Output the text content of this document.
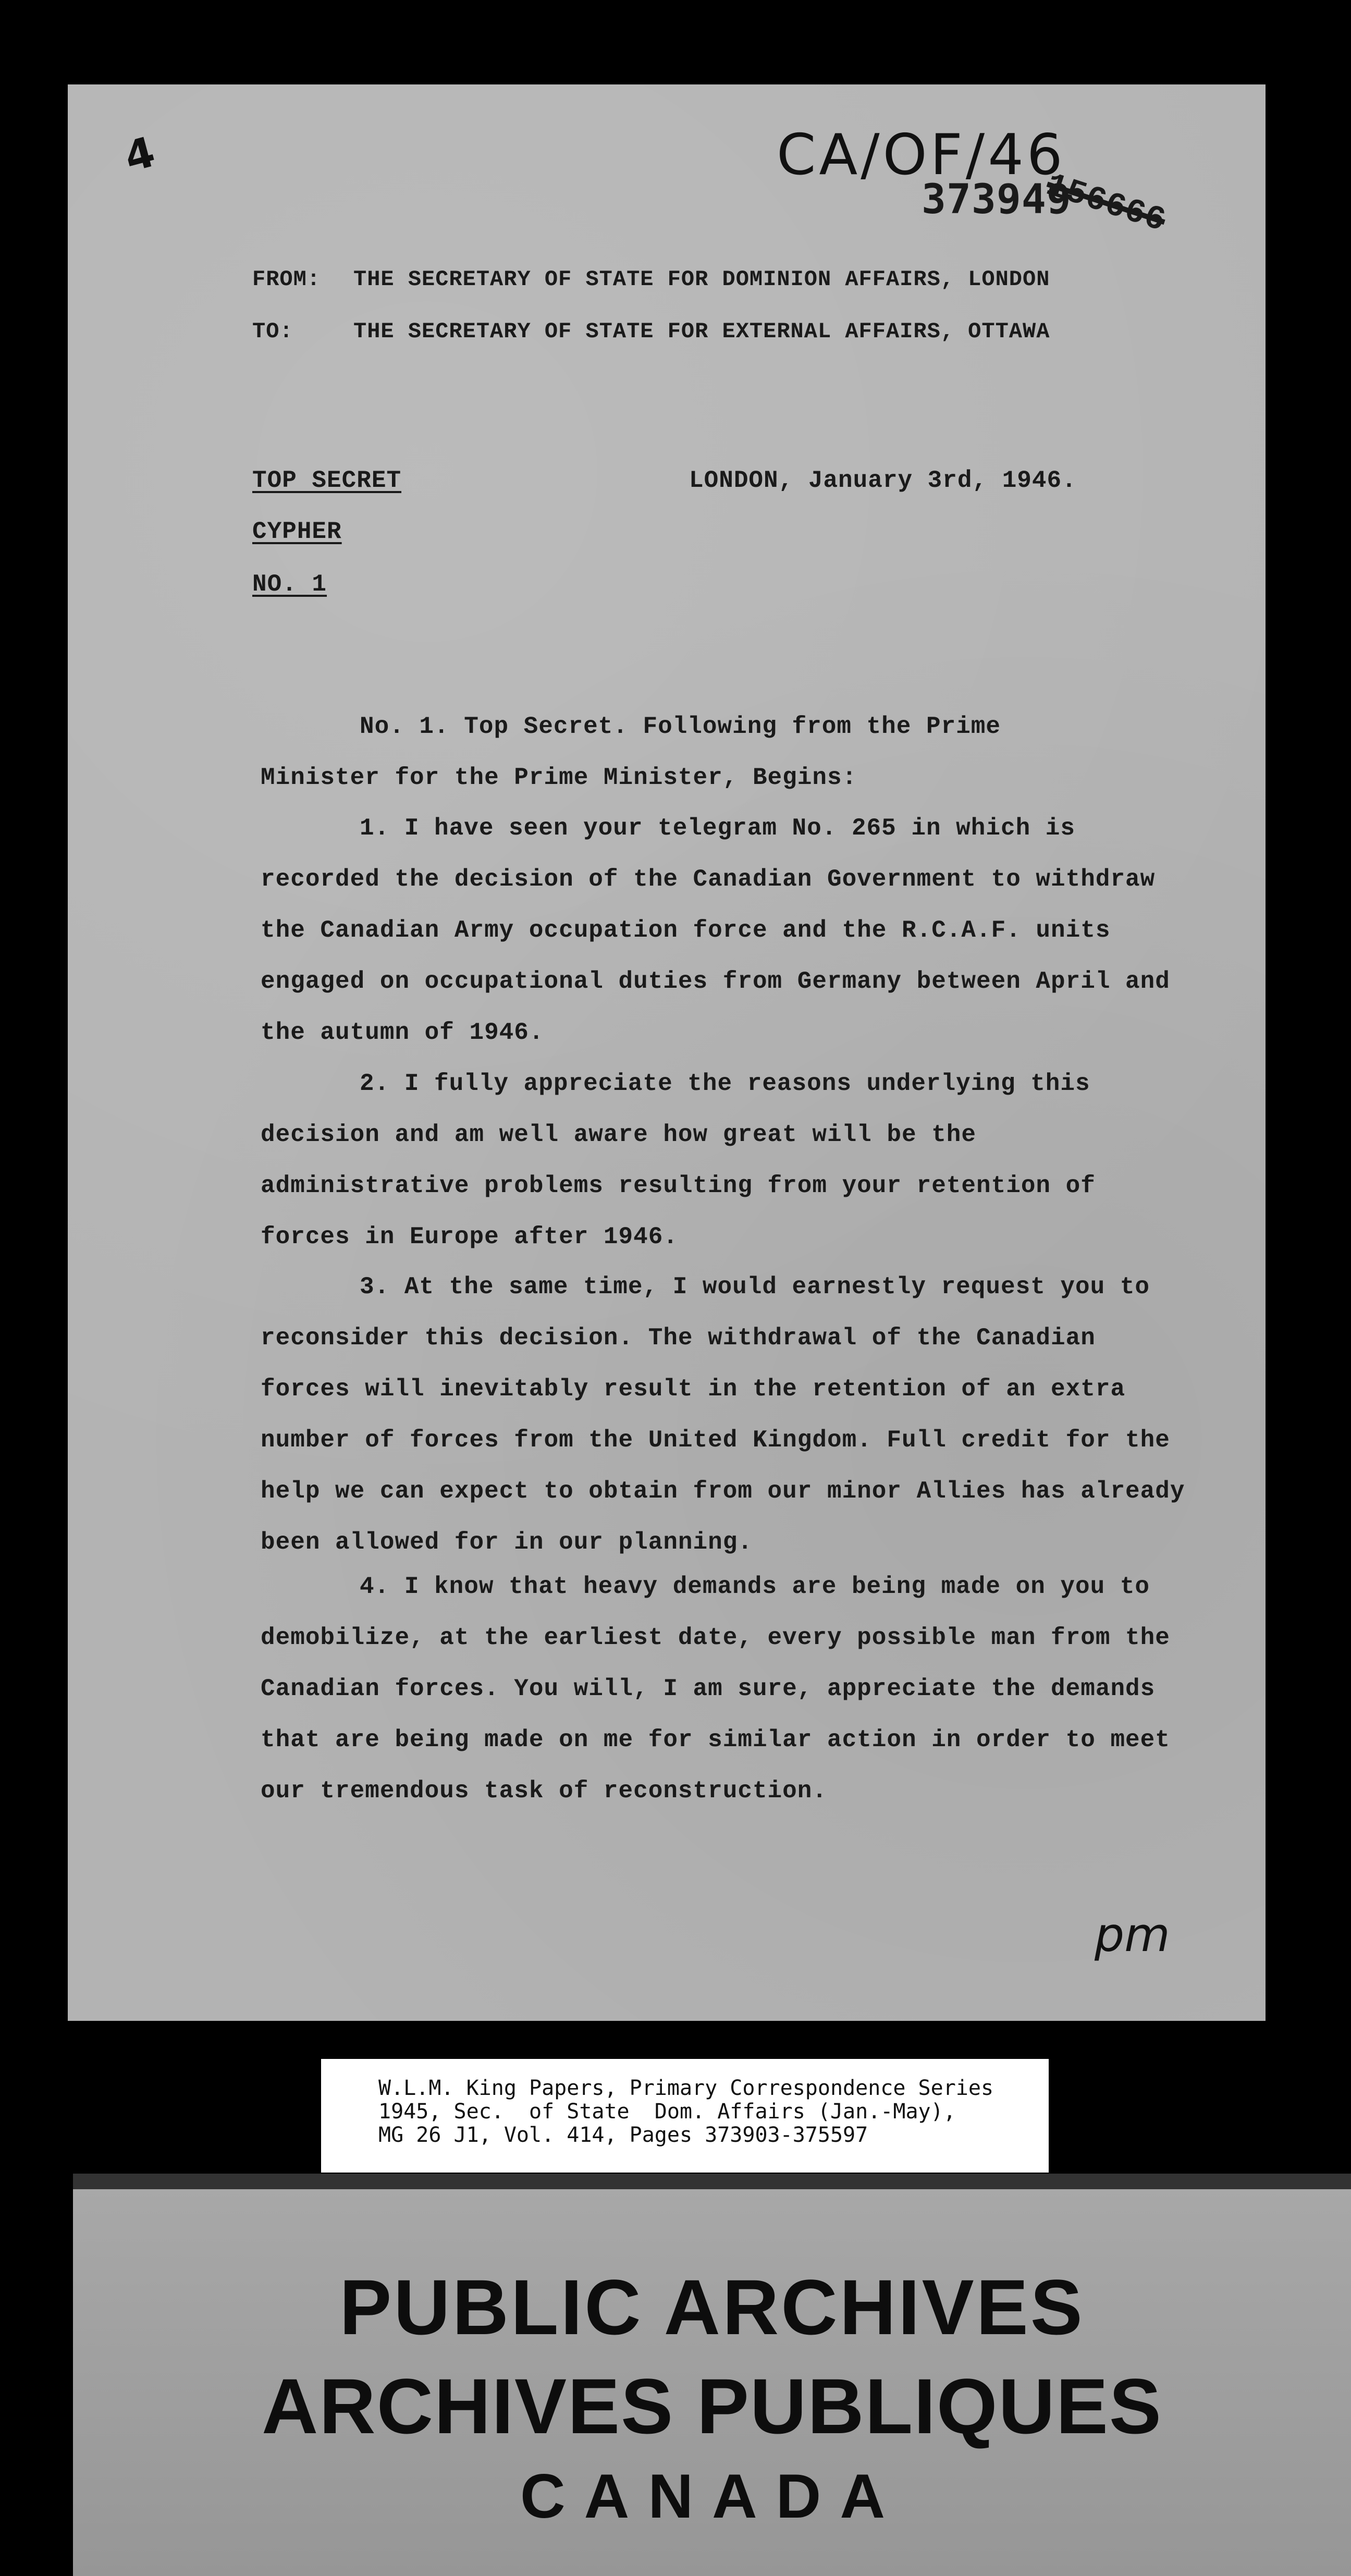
4	CA/OF/46
373949
156666
FROM: THE SECRETARY OF STATE FOR DOMINION AFFAIRS, LONDON
TO:	THE SECRETARY OF STATE FOR EXTERNAL AFFAIRS, OTTAWA
TOP SECRET	LONDON, January 3rd, 1946.
CYPHER
NO. 1
No. 1. Top Secret. Following from the Prime
Minister for the Prime Minister, Begins:

1. I have seen your telegram No. 265 in which is recorded the decision of the Canadian Government to withdraw the Canadian Army occupation force and the R.C.A.F. units engaged on occupational duties from Germany between April and the autumn of 1946.

2. I fully appreciate the reasons underlying this decision and am well aware how great will be the administrative problems resulting from your retention of forces in Europe after 1946.

3. At the same time, I would earnestly request you to reconsider this decision. The withdrawal of the Canadian forces will inevitably result in the retention of an extra number of forces from the United Kingdom. Full credit for the help we can expect to obtain from our minor Allies has already been allowed for in our planning.

4. I know that heavy demands are being made on you to demobilize, at the earliest date, every possible man from the Canadian forces. You will, I am sure, appreciate the demands that are being made on me for similar action in order to meet our tremendous task of reconstruction.

pm
W.L.M. King Papers, Primary Correspondence Series
1945, Sec.  of State  Dom. Affairs (Jan.-May),
MG 26 J1, Vol. 414, Pages 373903-375597
PUBLIC ARCHIVES
ARCHIVES PUBLIQUES
CANADA
